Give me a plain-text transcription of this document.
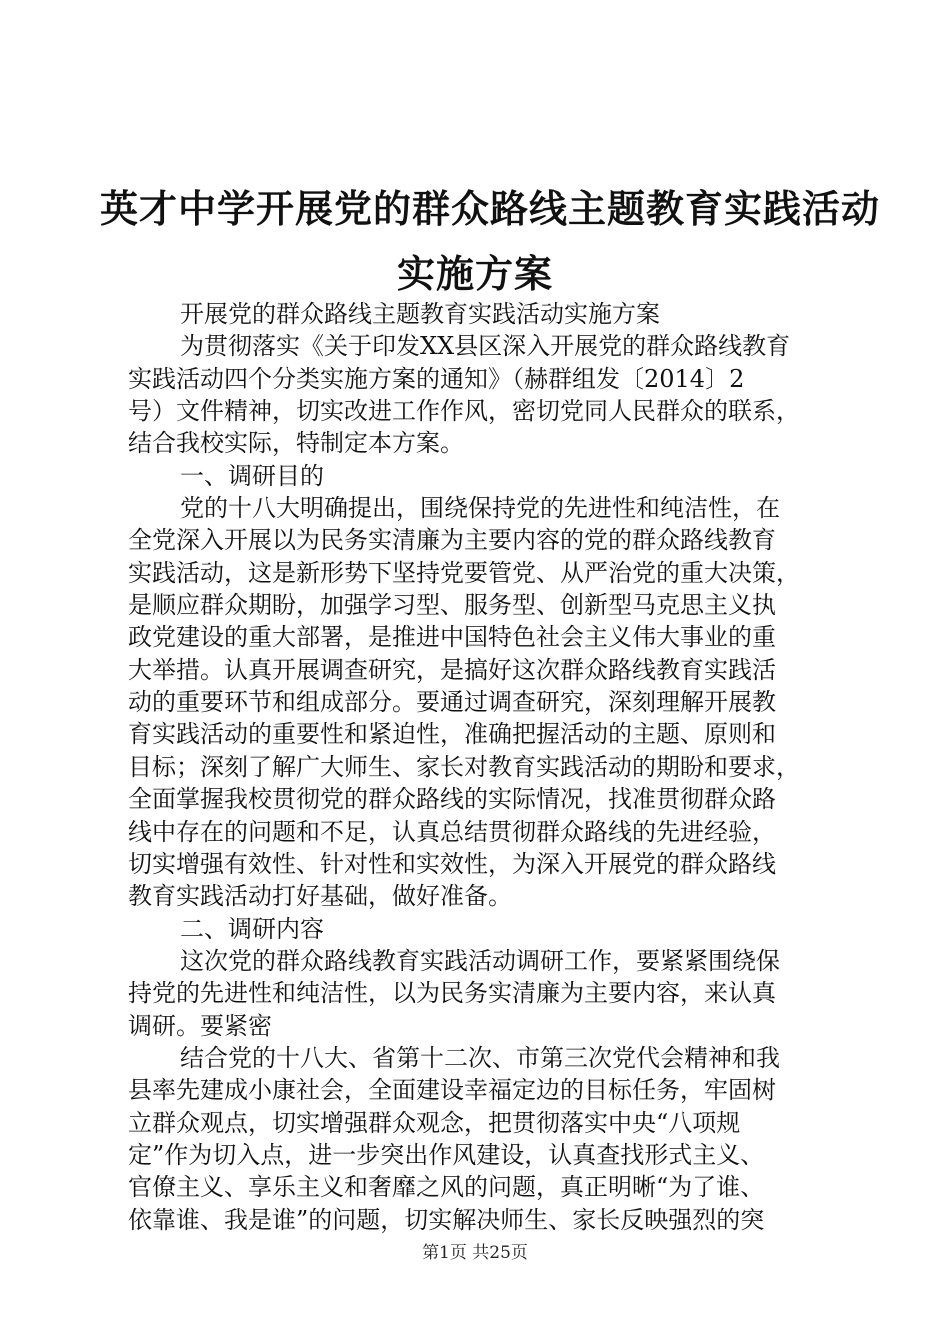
英才中学开展党的群众路线主题教育实践活动
实施方案
开展党的群众路线主题教育实践活动实施方案
为贯彻落实《关于印发XX县区深入开展党的群众路线教育
实践活动四个分类实施方案的通知》（赫群组发〔2014〕2
号）文件精神，切实改进工作作风，密切党同人民群众的联系，
结合我校实际，特制定本方案。
一、调研目的
党的十八大明确提出，围绕保持党的先进性和纯洁性，在
全党深入开展以为民务实清廉为主要内容的党的群众路线教育
实践活动，这是新形势下坚持党要管党、从严治党的重大决策，
是顺应群众期盼，加强学习型、服务型、创新型马克思主义执
政党建设的重大部署，是推进中国特色社会主义伟大事业的重
大举措。认真开展调查研究，是搞好这次群众路线教育实践活
动的重要环节和组成部分。要通过调查研究，深刻理解开展教
育实践活动的重要性和紧迫性，准确把握活动的主题、原则和
目标；深刻了解广大师生、家长对教育实践活动的期盼和要求，
全面掌握我校贯彻党的群众路线的实际情况，找准贯彻群众路
线中存在的问题和不足，认真总结贯彻群众路线的先进经验，
切实增强有效性、针对性和实效性，为深入开展党的群众路线
教育实践活动打好基础，做好准备。
二、调研内容
这次党的群众路线教育实践活动调研工作，要紧紧围绕保
持党的先进性和纯洁性，以为民务实清廉为主要内容，来认真
调研。要紧密
结合党的十八大、省第十二次、市第三次党代会精神和我
县率先建成小康社会，全面建设幸福定边的目标任务，牢固树
立群众观点，切实增强群众观念，把贯彻落实中央“八项规
定”作为切入点，进一步突出作风建设，认真查找形式主义、
官僚主义、享乐主义和奢靡之风的问题，真正明晰“为了谁、
依靠谁、我是谁”的问题，切实解决师生、家长反映强烈的突
第1页 共25页
